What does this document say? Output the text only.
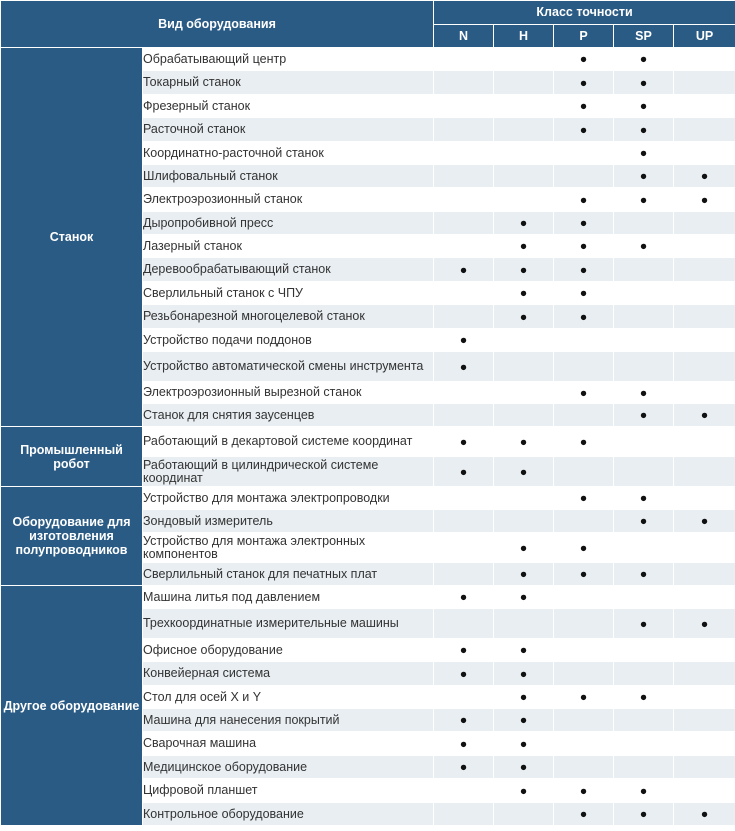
Вид оборудования		Класс точности				
		N	H	P	SP	UP
Станок	Обрабатывающий центр			●	●	
	Токарный станок			●	●	
	Фрезерный станок			●	●	
	Расточной станок			●	●	
	Координатно-расточной станок				●	
	Шлифовальный станок				●	●
	Электроэрозионный станок			●	●	●
	Дыропробивной пресс		●	●		
	Лазерный станок		●	●	●	
	Деревообрабатывающий станок	●	●	●		
	Сверлильный станок с ЧПУ		●	●		
	Резьбонарезной многоцелевой станок		●	●		
	Устройство подачи поддонов	●				
	Устройство автоматической смены инструмента	●				
	Электроэрозионный вырезной станок			●	●	
	Станок для снятия заусенцев				●	●
Промышленный робот	Работающий в декартовой системе координат	●	●	●		
	Работающий в цилиндрической системе координат	●	●			
Оборудование для изготовления полупроводников	Устройство для монтажа электропроводки			●	●	
	Зондовый измеритель				●	●
	Устройство для монтажа электронных компонентов		●	●		
	Сверлильный станок для печатных плат		●	●	●	
Другое оборудование	Машина литья под давлением	●	●			
	Трехкоординатные измерительные машины				●	●
	Офисное оборудование	●	●			
	Конвейерная система	●	●			
	Стол для осей X и Y		●	●	●	
	Машина для нанесения покрытий	●	●			
	Сварочная машина	●	●			
	Медицинское оборудование	●	●			
	Цифровой планшет		●	●	●	
	Контрольное оборудование			●	●	●
